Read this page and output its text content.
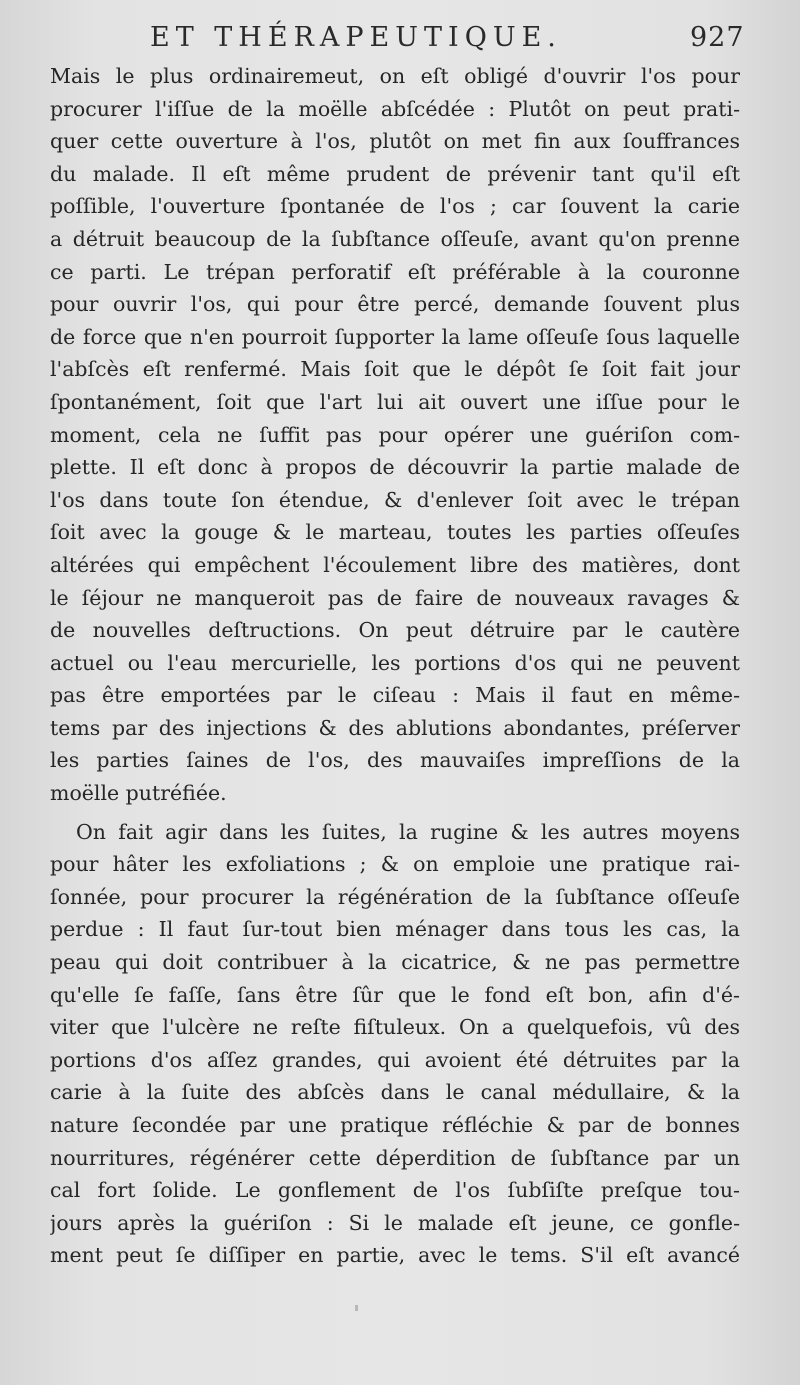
ET THÉRAPEUTIQUE.	927
Mais le plus ordinairemeut, on eſt obligé d'ouvrir l'os pour
procurer l'iſſue de la moëlle abſcédée : Plutôt on peut prati-
quer cette ouverture à l'os, plutôt on met fin aux ſouffrances
du malade. Il eſt même prudent de prévenir tant qu'il eſt
poſſible, l'ouverture ſpontanée de l'os ; car ſouvent la carie
a détruit beaucoup de la ſubſtance oſſeuſe, avant qu'on prenne
ce parti. Le trépan perforatif eſt préférable à la couronne
pour ouvrir l'os, qui pour être percé, demande ſouvent plus
de force que n'en pourroit ſupporter la lame oſſeuſe ſous laquelle
l'abſcès eſt renfermé. Mais ſoit que le dépôt ſe ſoit fait jour
ſpontanément, ſoit que l'art lui ait ouvert une iſſue pour le
moment, cela ne ſuffit pas pour opérer une guériſon com-
plette. Il eſt donc à propos de découvrir la partie malade de
l'os dans toute ſon étendue, & d'enlever ſoit avec le trépan
ſoit avec la gouge & le marteau, toutes les parties oſſeuſes
altérées qui empêchent l'écoulement libre des matières, dont
le ſéjour ne manqueroit pas de faire de nouveaux ravages &
de nouvelles deſtructions. On peut détruire par le cautère
actuel ou l'eau mercurielle, les portions d'os qui ne peuvent
pas être emportées par le ciſeau : Mais il faut en même-
tems par des injections & des ablutions abondantes, préſerver
les parties ſaines de l'os, des mauvaiſes impreſſions de la
moëlle putréfiée.
On fait agir dans les ſuites, la rugine & les autres moyens
pour hâter les exfoliations ; & on emploie une pratique rai-
ſonnée, pour procurer la régénération de la ſubſtance oſſeuſe
perdue : Il faut ſur-tout bien ménager dans tous les cas, la
peau qui doit contribuer à la cicatrice, & ne pas permettre
qu'elle ſe faſſe, ſans être ſûr que le fond eſt bon, afin d'é-
viter que l'ulcère ne reſte fiſtuleux. On a quelquefois, vû des
portions d'os aſſez grandes, qui avoient été détruites par la
carie à la ſuite des abſcès dans le canal médullaire, & la
nature ſecondée par une pratique réfléchie & par de bonnes
nourritures, régénérer cette déperdition de ſubſtance par un
cal fort ſolide. Le gonflement de l'os ſubſiſte preſque tou-
jours après la guériſon : Si le malade eſt jeune, ce gonfle-
ment peut ſe diſſiper en partie, avec le tems. S'il eſt avancé
